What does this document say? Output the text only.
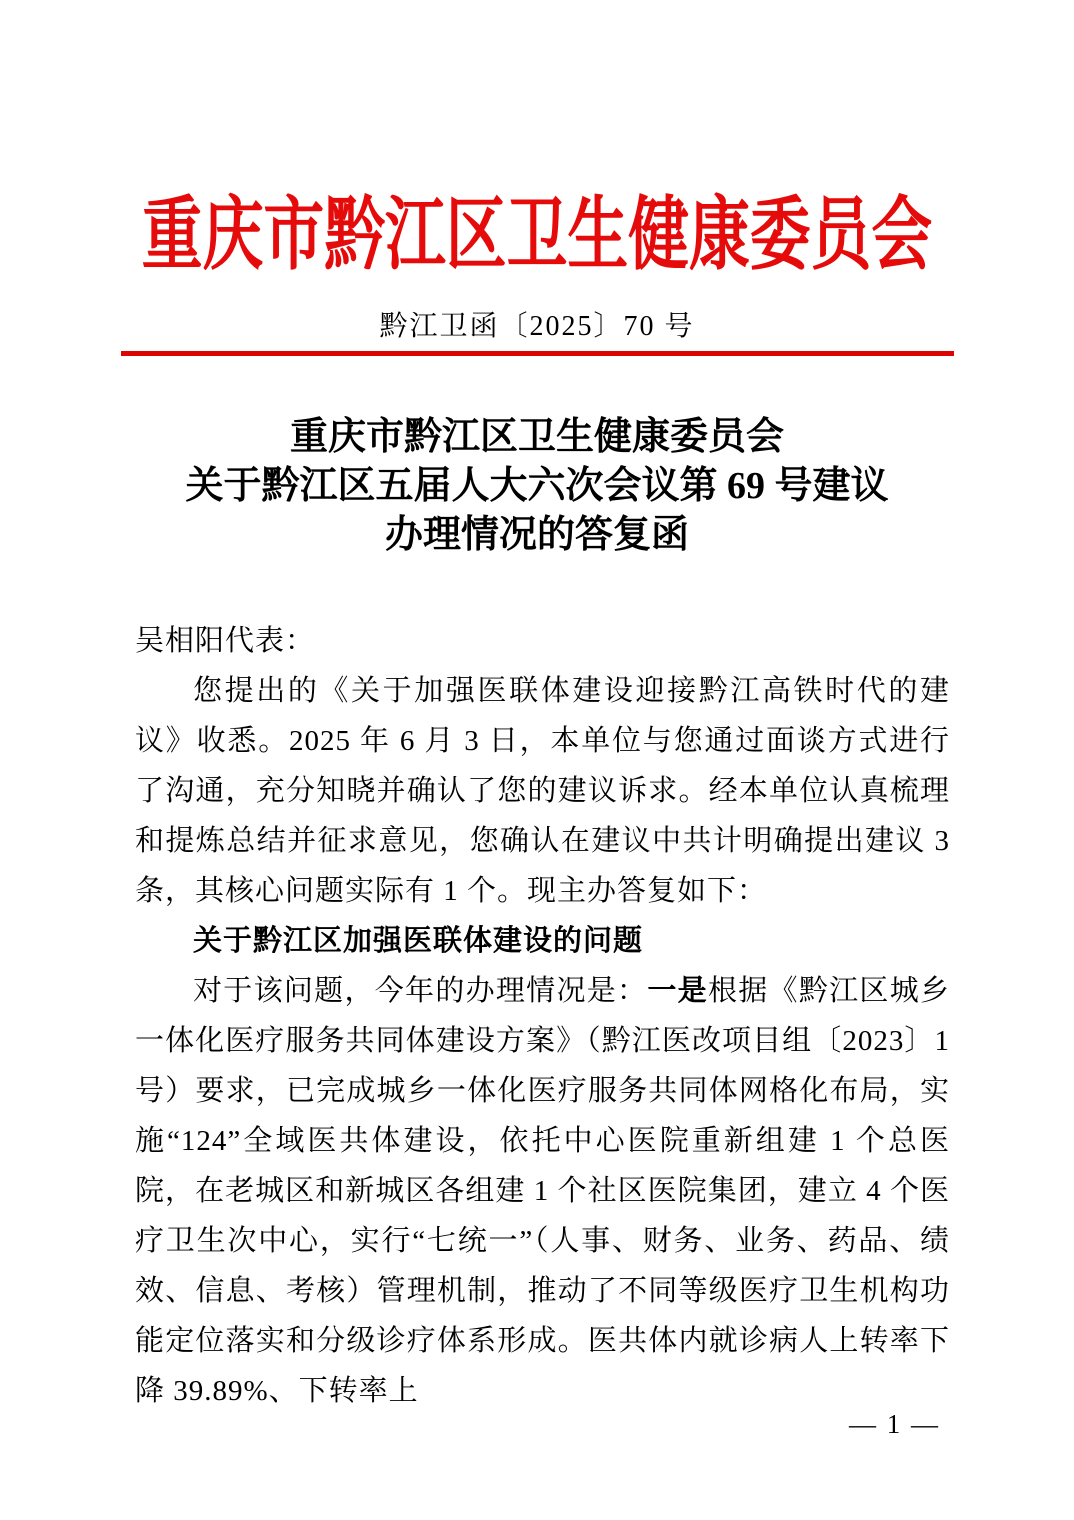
重庆市黔江区卫生健康委员会
黔江卫函〔2025〕70 号
重庆市黔江区卫生健康委员会
关于黔江区五届人大六次会议第 69 号建议
办理情况的答复函

吴相阳代表：

您提出的《关于加强医联体建设迎接黔江高铁时代的建议》收悉。2025 年 6 月 3 日，本单位与您通过面谈方式进行了沟通，充分知晓并确认了您的建议诉求。经本单位认真梳理和提炼总结并征求意见，您确认在建议中共计明确提出建议 3 条，其核心问题实际有 1 个。现主办答复如下：

关于黔江区加强医联体建设的问题

对于该问题，今年的办理情况是：一是根据《黔江区城乡一体化医疗服务共同体建设方案》（黔江医改项目组〔2023〕1 号）要求，已完成城乡一体化医疗服务共同体网格化布局，实施“124”全域医共体建设，依托中心医院重新组建 1 个总医院，在老城区和新城区各组建 1 个社区医院集团，建立 4 个医疗卫生次中心，实行“七统一”（人事、财务、业务、药品、绩效、信息、考核）管理机制，推动了不同等级医疗卫生机构功能定位落实和分级诊疗体系形成。医共体内就诊病人上转率下降 39.89%、下转率上

— 1 —
